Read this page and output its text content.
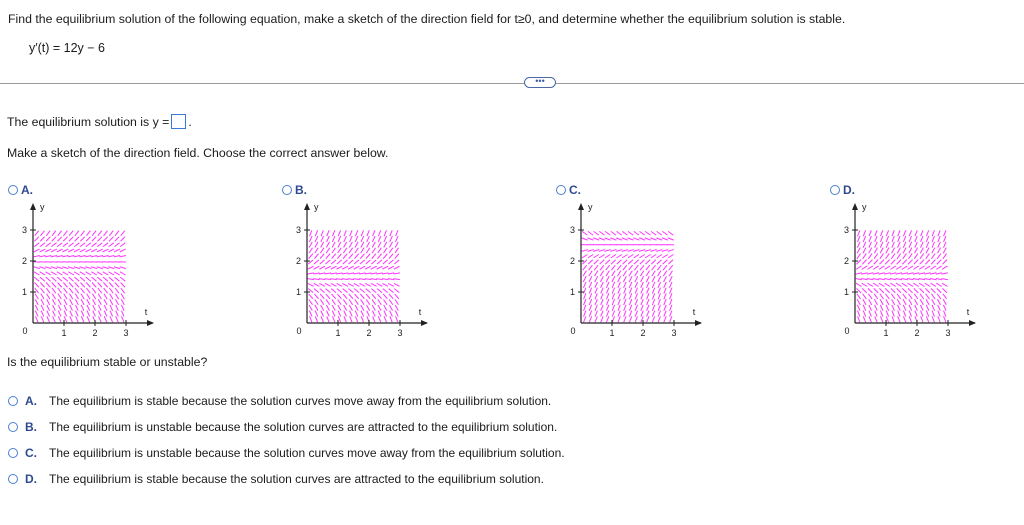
Find the equilibrium solution of the following equation, make a sketch of the direction field for t≥0, and determine whether the equilibrium solution is stable.
y′(t) = 12y − 6
•••
The equilibrium solution is y = .
Make a sketch of the direction field. Choose the correct answer below.
A.
1
2
3
1	2	3
0
y
t
B.
1
2
3
1	2	3
0
y
t
C.
1
2
3
1	2	3
0
y
t
D.
1
2
3
1	2	3
0
y
t
Is the equilibrium stable or unstable?
A.	The equilibrium is stable because the solution curves move away from the equilibrium solution.
B.	The equilibrium is unstable because the solution curves are attracted to the equilibrium solution.
C.	The equilibrium is unstable because the solution curves move away from the equilibrium solution.
D.	The equilibrium is stable because the solution curves are attracted to the equilibrium solution.
